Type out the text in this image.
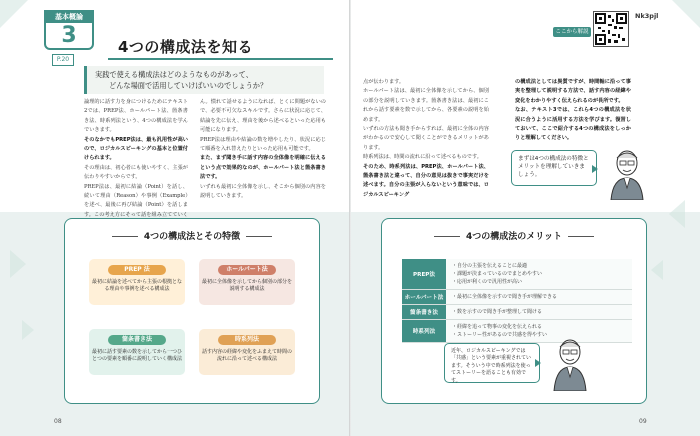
基本概論
3
P.20
4つの構成法を知る
実践で使える構成法はどのようなものがあって、
どんな場面で活用していけばいいのでしょうか？

論理的に話す力を身につけるためにテキスト2では、PREP法、ホールパート法、箇条書き法、時系列法という、4つの構成法を学んでいきます。

そのなかでもPREP法は、最も汎用性が高いので、ロジカルスピーキングの基本と位置付けられます。

その理由は、初心者にも使いやすく、主張が伝わりやすいからです。

PREP法は、最初に結論（Point）を話し、続いて理由（Reason）や事例（Example）を述べ、最後に再び結論（Point）を話します。この考え方にそって話を組み立てていく

ん。慣れて話せるようになれば、とくに問題がないので、必要不可欠なスキルです。さらに状況に応じて、結論を先に伝え、理由を後から述べるといった応用も可能になります。

PREP法は理由や結論の数を増やしたり、状況に応じて順番を入れ替えたりといった応用も可能です。

また、まず聞き手に話す内容の全体像を明確に伝えるという点で効果的なのが、ホールパート法と箇条書き法です。

いずれも最初に全体像を示し、そこから個別の内容を説明していきます。

4つの構成法とその特徴
PREP 法
最初に結論を述べてから主張の根拠となる理由や事例を述べる構成法
ホールパート法
最初に全体像を示してから個別の部分を説明する構成法
箇条書き法
最初に話す要素の数を示してから一つひとつの要素を順番に説明していく構成法
時系列法
話す内容の経緯や変化をふまえて時間の流れに沿って述べる構成法
08
ここから解説
Nk3pjl

点が伝わります。

ホールパート法は、最初に全体像を示してから、個別の部分を説明していきます。箇条書き法は、最初にこれから話す要素を数で示してから、各要素の説明を始めます。

いずれの方法も聞き手からすれば、最初に全体の内容がわかるので安心して聞くことができるメリットがあります。

時系列法は、時間の流れに沿って述べるものです。

そのため、時系列法は、PREP法、ホールパート法、箇条書き法と違って、自分の意見は抜きで事実だけを述べます。自分の主張が入らないという意味では、ロジカルスピーキング

の構成法としては異質ですが、時間軸に沿って事実を整理して説明する方法で、話す内容の経緯や変化をわかりやすく伝えられるのが長所です。

なお、テキスト3では、これら4つの構成法を状況に合うように活用する方法を学びます。復習しておいて、ここで紹介する4つの構成法をしっかりと理解してください。

まずは4つの構成法の特徴とメリットを理解していきましょう。
4つの構成法のメリット
PREP法
・自分の主張を伝えることに最適
・課題が決まっているのでまとめやすい
・応用が利くので汎用性が高い
ホールパート法	・最初に全体像を示すので聞き手が理解できる
箇条書き法	・数を示すので聞き手が整理して聞ける
時系列法
・経緯を追って物事の変化を伝えられる
・ストーリー性があるので共感を得やすい
近年、ロジカルスピーキングでは「共感」という要素が重視されています。そういう中で時系列法を使ってストーリーを語ることも有効です。
09
